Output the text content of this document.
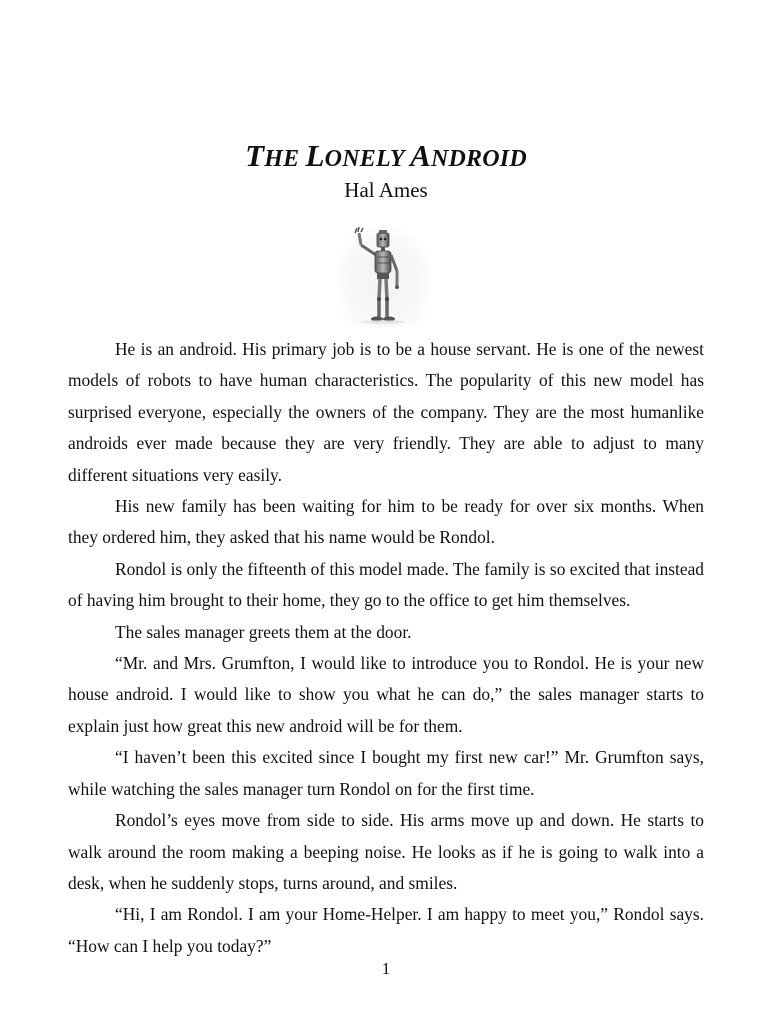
THE LONELY ANDROID
Hal Ames

He is an android. His primary job is to be a house servant. He is one of the newest models of robots to have human characteristics. The popularity of this new model has surprised everyone, especially the owners of the company. They are the most humanlike androids ever made because they are very friendly. They are able to adjust to many different situations very easily.

His new family has been waiting for him to be ready for over six months. When they ordered him, they asked that his name would be Rondol.

Rondol is only the fifteenth of this model made. The family is so excited that instead of having him brought to their home, they go to the office to get him themselves.

The sales manager greets them at the door.

“Mr. and Mrs. Grumfton, I would like to introduce you to Rondol. He is your new house android. I would like to show you what he can do,” the sales manager starts to explain just how great this new android will be for them.

“I haven’t been this excited since I bought my first new car!” Mr. Grumfton says, while watching the sales manager turn Rondol on for the first time.

Rondol’s eyes move from side to side. His arms move up and down. He starts to walk around the room making a beeping noise. He looks as if he is going to walk into a desk, when he suddenly stops, turns around, and smiles.

“Hi, I am Rondol. I am your Home-Helper. I am happy to meet you,” Rondol says. “How can I help you today?”

1
